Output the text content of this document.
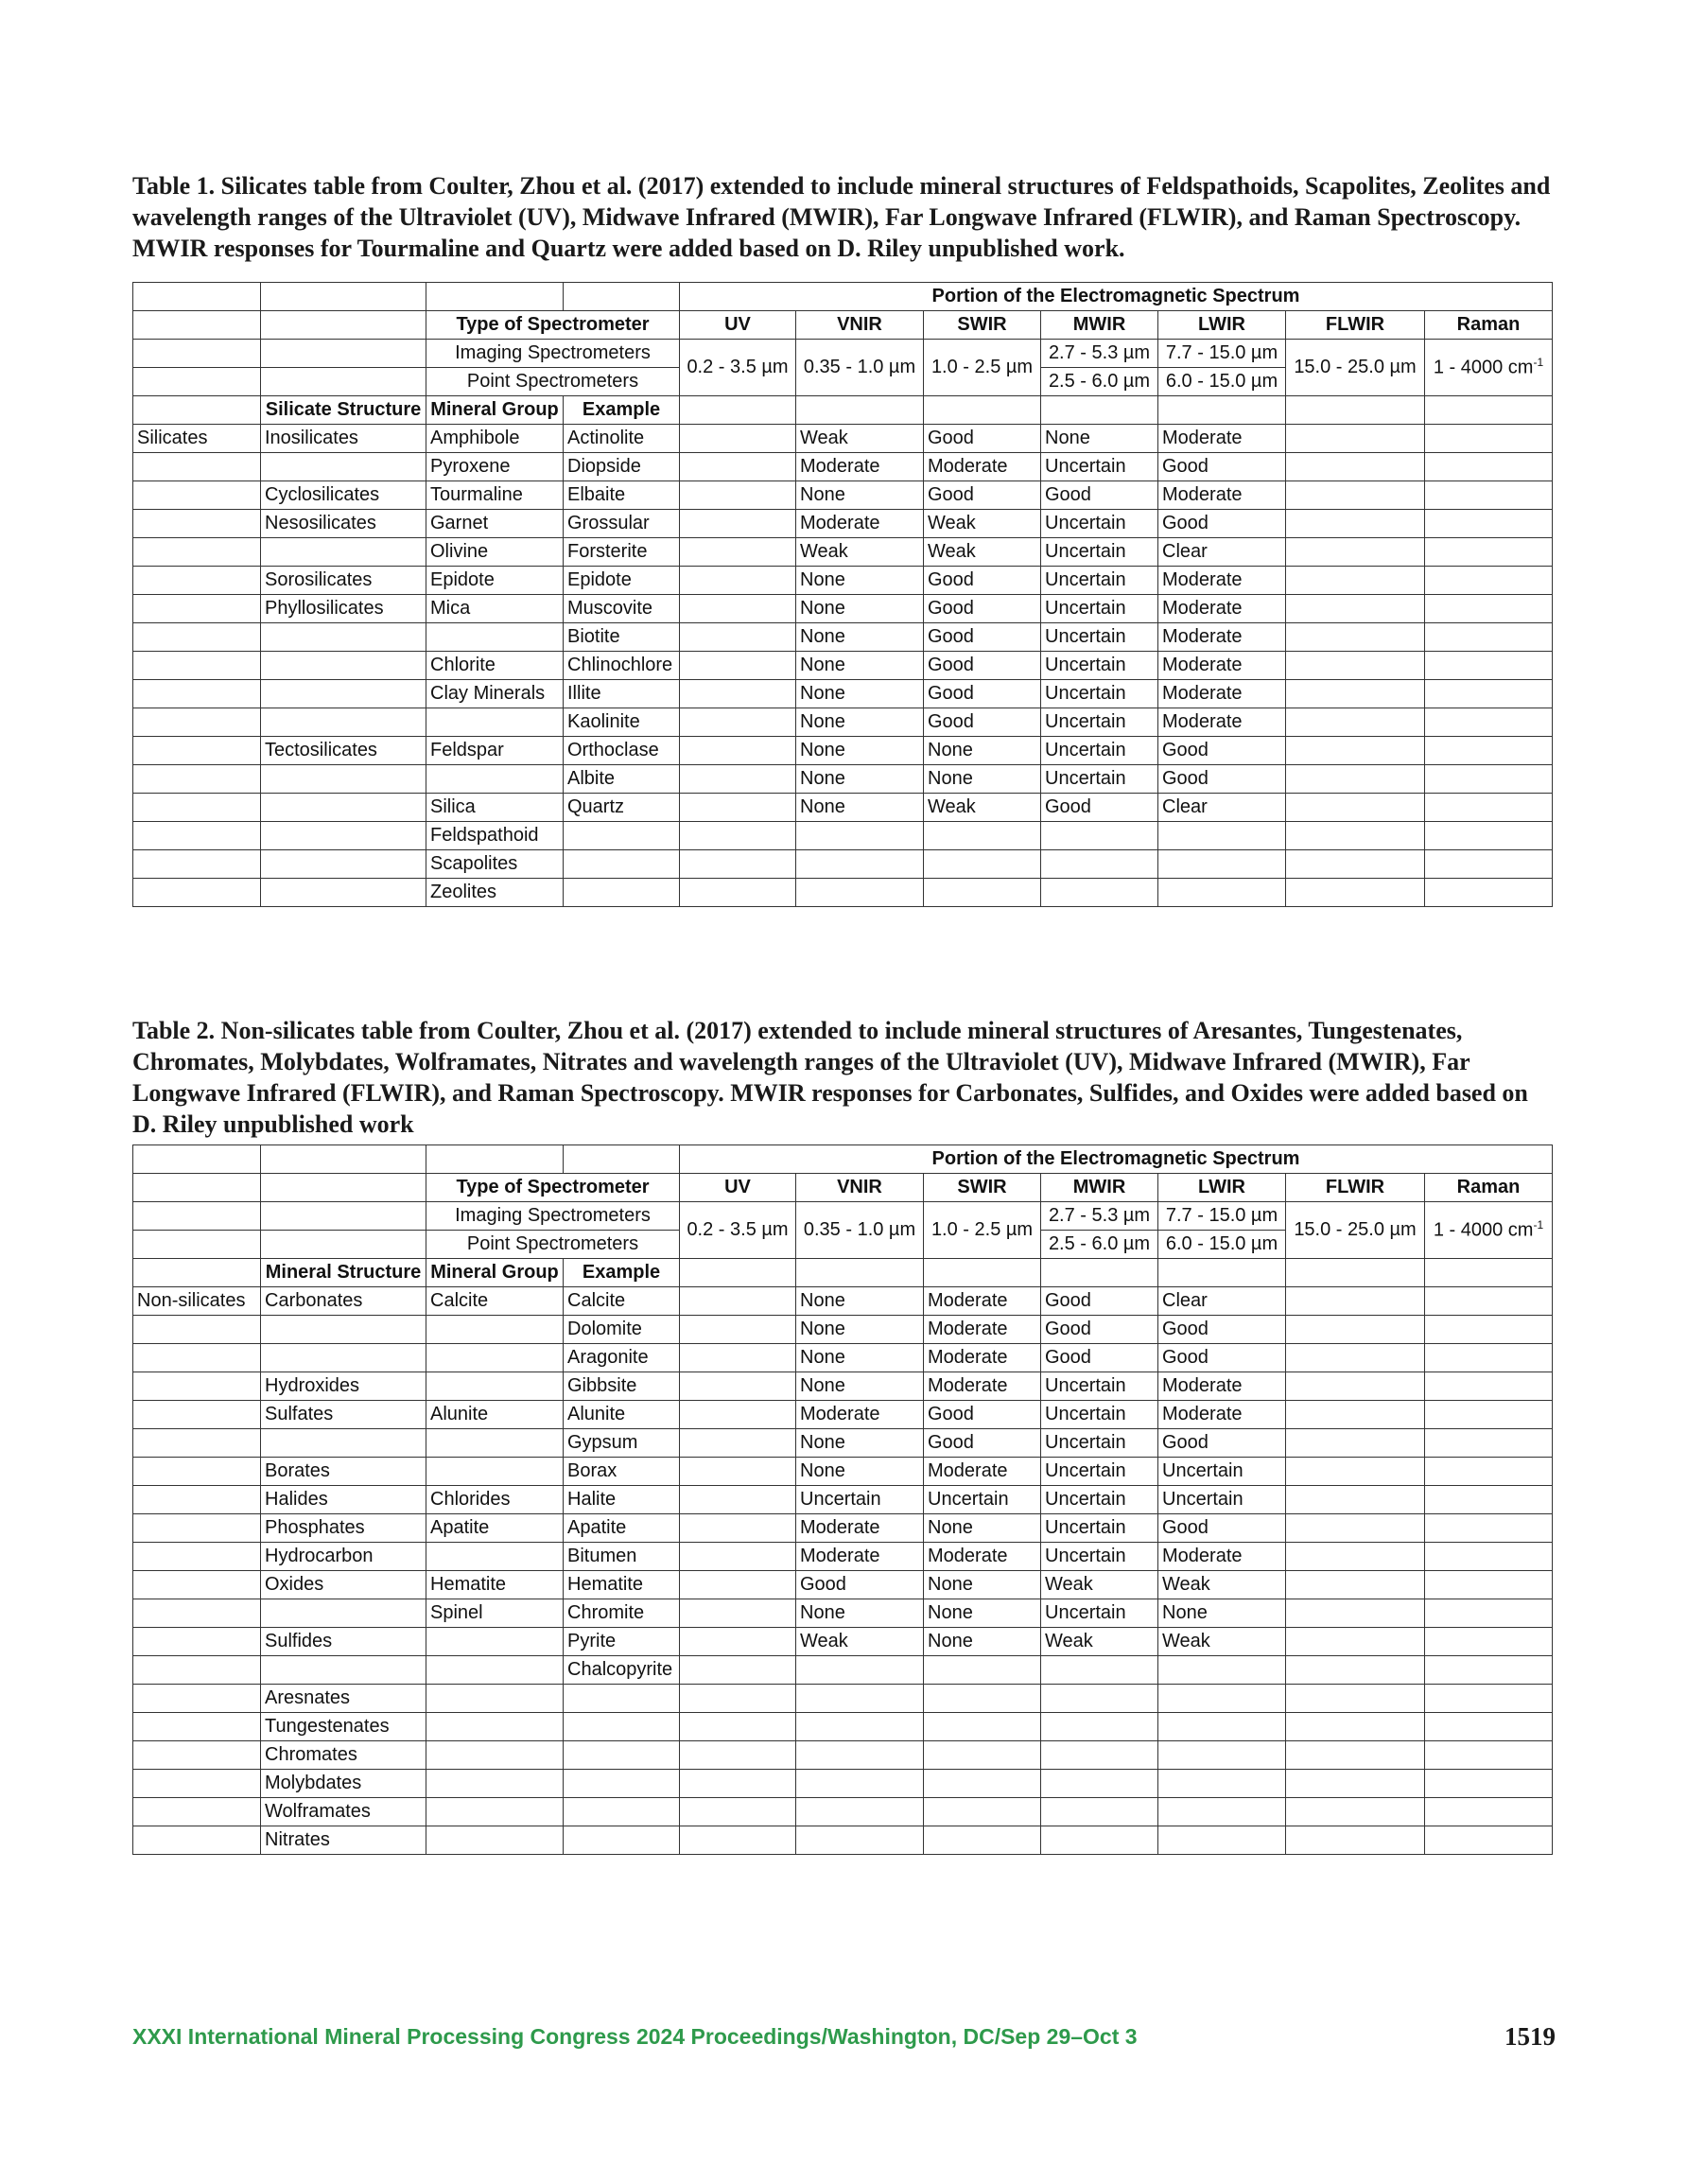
Table 1. Silicates table from Coulter, Zhou et al. (2017) extended to include mineral structures of Feldspathoids, Scapolites, Zeolites and wavelength ranges of the Ultraviolet (UV), Midwave Infrared (MWIR), Far Longwave Infrared (FLWIR), and Raman Spectroscopy. MWIR responses for Tourmaline and Quartz were added based on D. Riley unpublished work.

				Portion of the Electromagnetic Spectrum						
		Type of Spectrometer		UV	VNIR	SWIR	MWIR	LWIR	FLWIR	Raman
		Imaging Spectrometers		0.2 - 3.5 µm	0.35 - 1.0 µm	1.0 - 2.5 µm	2.7 - 5.3 µm	7.7 - 15.0 µm	15.0 - 25.0 µm	1 - 4000 $cm^{-1}$
		Point Spectrometers					2.5 - 6.0 µm	6.0 - 15.0 µm		
	Silicate Structure	Mineral Group	Example							
Silicates	Inosilicates	Amphibole	Actinolite		Weak	Good	None	Moderate		
		Pyroxene	Diopside		Moderate	Moderate	Uncertain	Good		
	Cyclosilicates	Tourmaline	Elbaite		None	Good	Good	Moderate		
	Nesosilicates	Garnet	Grossular		Moderate	Weak	Uncertain	Good		
		Olivine	Forsterite		Weak	Weak	Uncertain	Clear		
	Sorosilicates	Epidote	Epidote		None	Good	Uncertain	Moderate		
	Phyllosilicates	Mica	Muscovite		None	Good	Uncertain	Moderate		
			Biotite		None	Good	Uncertain	Moderate		
		Chlorite	Chlinochlore		None	Good	Uncertain	Moderate		
		Clay Minerals	Illite		None	Good	Uncertain	Moderate		
			Kaolinite		None	Good	Uncertain	Moderate		
	Tectosilicates	Feldspar	Orthoclase		None	None	Uncertain	Good		
			Albite		None	None	Uncertain	Good		
		Silica	Quartz		None	Weak	Good	Clear		
		Feldspathoid								
		Scapolites								
		Zeolites								

Table 2. Non-silicates table from Coulter, Zhou et al. (2017) extended to include mineral structures of Aresantes, Tungestenates, Chromates, Molybdates, Wolframates, Nitrates and wavelength ranges of the Ultraviolet (UV), Midwave Infrared (MWIR), Far Longwave Infrared (FLWIR), and Raman Spectroscopy. MWIR responses for Carbonates, Sulfides, and Oxides were added based on D. Riley unpublished work

				Portion of the Electromagnetic Spectrum						
		Type of Spectrometer		UV	VNIR	SWIR	MWIR	LWIR	FLWIR	Raman
		Imaging Spectrometers		0.2 - 3.5 µm	0.35 - 1.0 µm	1.0 - 2.5 µm	2.7 - 5.3 µm	7.7 - 15.0 µm	15.0 - 25.0 µm	1 - 4000 $cm^{-1}$
		Point Spectrometers					2.5 - 6.0 µm	6.0 - 15.0 µm		
	Mineral Structure	Mineral Group	Example							
Non-silicates	Carbonates	Calcite	Calcite		None	Moderate	Good	Clear		
			Dolomite		None	Moderate	Good	Good		
			Aragonite		None	Moderate	Good	Good		
	Hydroxides		Gibbsite		None	Moderate	Uncertain	Moderate		
	Sulfates	Alunite	Alunite		Moderate	Good	Uncertain	Moderate		
			Gypsum		None	Good	Uncertain	Good		
	Borates		Borax		None	Moderate	Uncertain	Uncertain		
	Halides	Chlorides	Halite		Uncertain	Uncertain	Uncertain	Uncertain		
	Phosphates	Apatite	Apatite		Moderate	None	Uncertain	Good		
	Hydrocarbon		Bitumen		Moderate	Moderate	Uncertain	Moderate		
	Oxides	Hematite	Hematite		Good	None	Weak	Weak		
		Spinel	Chromite		None	None	Uncertain	None		
	Sulfides		Pyrite		Weak	None	Weak	Weak		
			Chalcopyrite							
	Aresnates									
	Tungestenates									
	Chromates									
	Molybdates									
	Wolframates									
	Nitrates									
XXXI International Mineral Processing Congress 2024 Proceedings/Washington, DC/Sep 29–Oct 3	1519
